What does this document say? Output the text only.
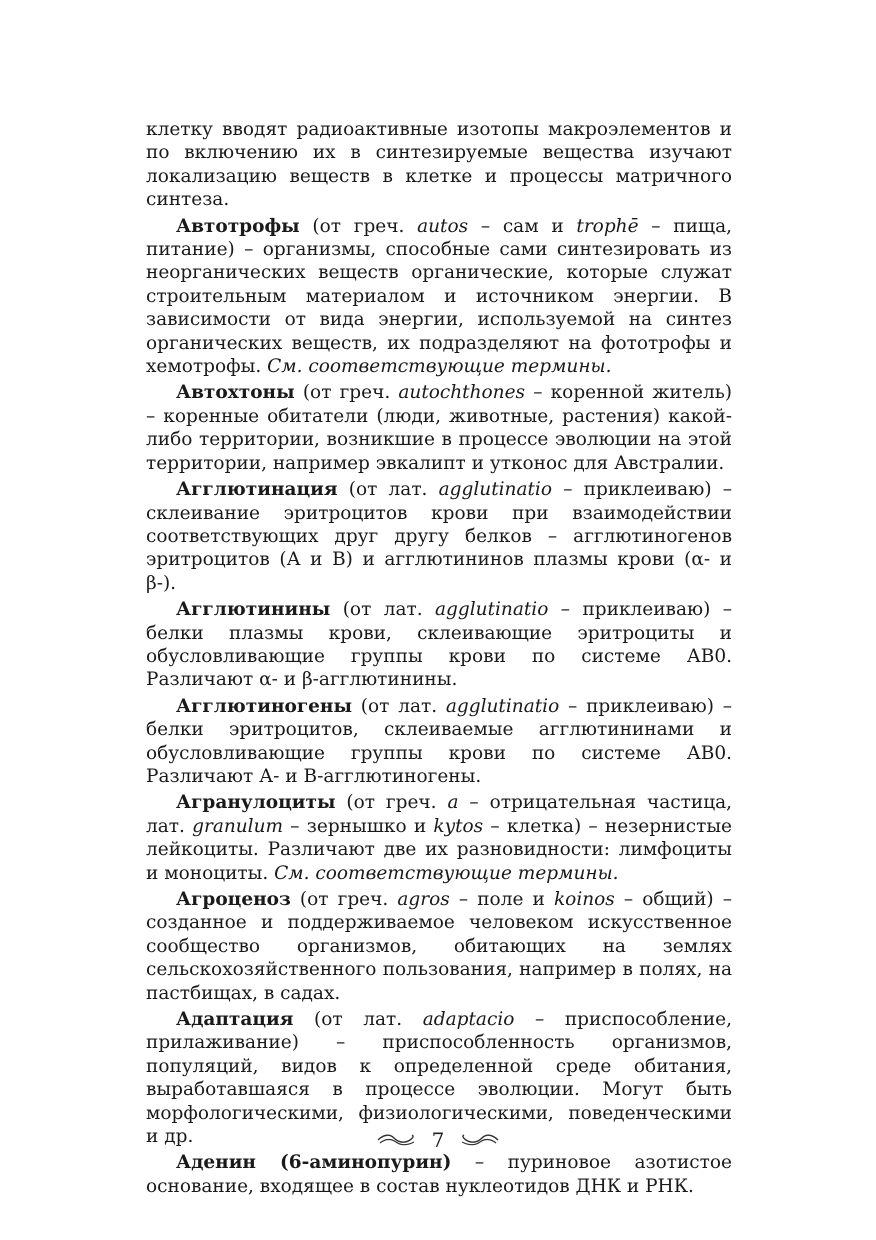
клетку вводят радиоактивные изотопы макроэлементов и по включению их в синтезируемые вещества изучают локализацию веществ в клетке и процессы матричного синтеза.

Автотрофы (от греч. autos – сам и trophē – пища, питание) – организмы, способные сами синтезировать из неорганических веществ органические, которые служат строительным материалом и источником энергии. В зависимости от вида энергии, используемой на синтез органических веществ, их подразделяют на фототрофы и хемотрофы. См. соответствующие термины.

Автохтоны (от греч. autochthones – коренной житель) – коренные обитатели (люди, животные, растения) какой-либо территории, возникшие в процессе эволюции на этой территории, например эвкалипт и утконос для Австралии.

Агглютинация (от лат. agglutinatio – приклеиваю) – склеивание эритроцитов крови при взаимодействии соответствующих друг другу белков – агглютиногенов эритроцитов (А и В) и агглютининов плазмы крови (α- и β-).

Агглютинины (от лат. agglutinatio – приклеиваю) – белки плазмы крови, склеивающие эритроциты и обусловливающие группы крови по системе АВ0. Различают α- и β-агглютинины.

Агглютиногены (от лат. agglutinatio – приклеиваю) – белки эритроцитов, склеиваемые агглютининами и обусловливающие группы крови по системе АВ0. Различают А- и В-агглютиногены.

Агранулоциты (от греч. а – отрицательная частица, лат. granulum – зернышко и kytos – клетка) – незернистые лейкоциты. Различают две их разновидности: лимфоциты и моноциты. См. соответствующие термины.

Агроценоз (от греч. agros – поле и koinos – общий) – созданное и поддерживаемое человеком искусственное сообщество организмов, обитающих на землях сельскохозяйственного пользования, например в полях, на пастбищах, в садах.

Адаптация (от лат. adaptacio – приспособление, прилаживание) – приспособленность организмов, популяций, видов к определенной среде обитания, выработавшаяся в процессе эволюции. Могут быть морфологическими, физиологическими, поведенческими и др.

Аденин (6-аминопурин) – пуриновое азотистое основание, входящее в состав нуклеотидов ДНК и РНК.

7
